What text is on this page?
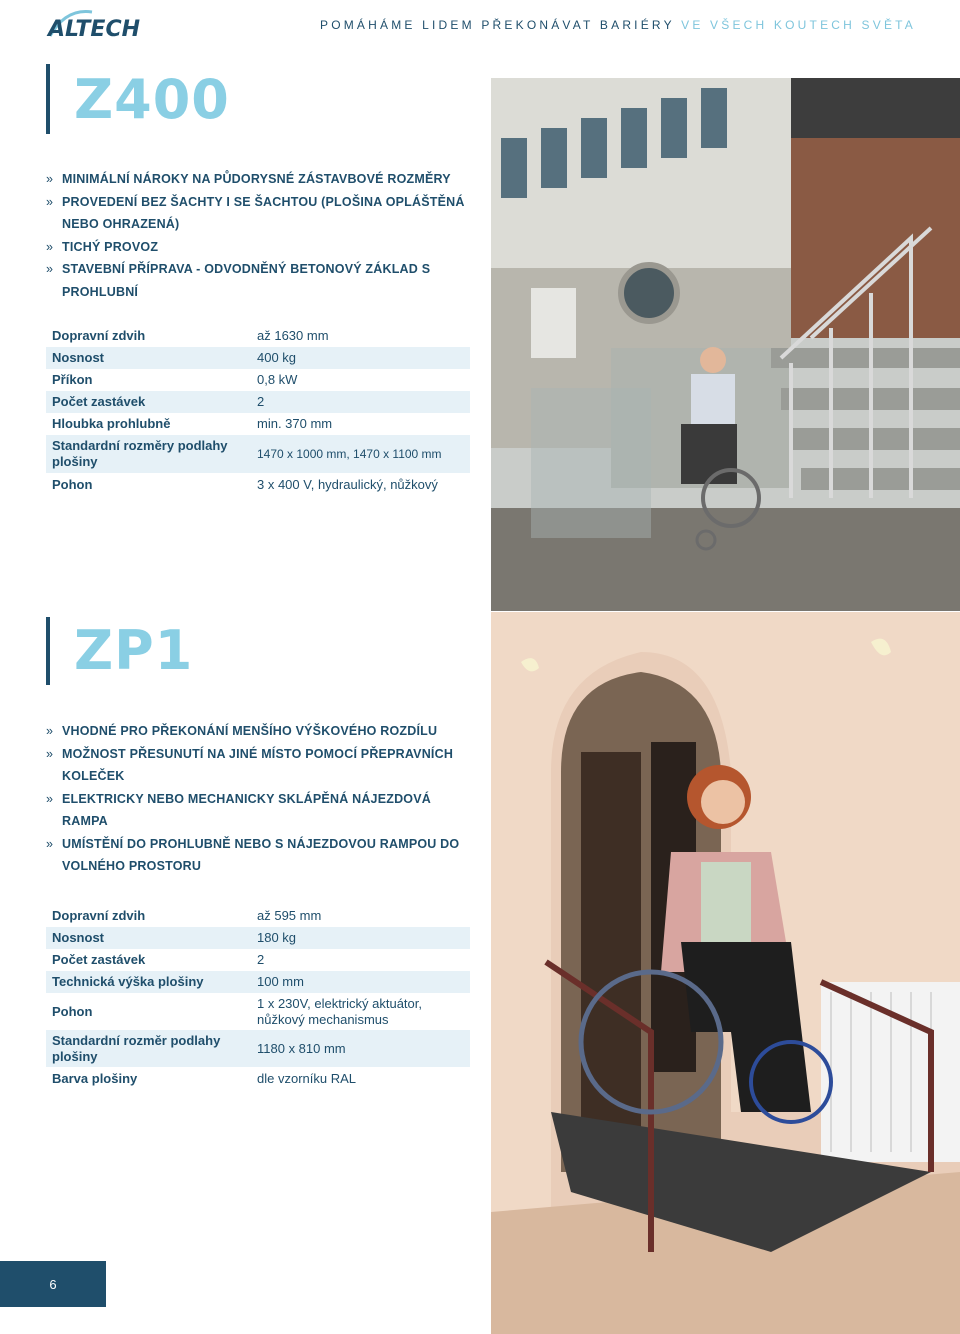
ALTECH	POMÁHÁME LIDEM PŘEKONÁVAT BARIÉRY VE VŠECH KOUTECH SVĚTA
Z400
» MINIMÁLNÍ NÁROKY NA PŮDORYSNÉ ZÁSTAVBOVÉ ROZMĚRY
» PROVEDENÍ BEZ ŠACHTY I SE ŠACHTOU (PLOŠINA OPLÁŠTĚNÁ NEBO OHRAZENÁ)
» TICHÝ PROVOZ
» STAVEBNÍ PŘÍPRAVA - ODVODNĚNÝ BETONOVÝ ZÁKLAD S PROHLUBNÍ
Dopravní zdvih	až 1630 mm
Nosnost	400 kg
Příkon	0,8 kW
Počet zastávek	2
Hloubka prohlubně	min. 370 mm
Standardní rozměry podlahy plošiny	1470 x 1000 mm, 1470 x 1100 mm
Pohon	3 x 400 V, hydraulický, nůžkový
ZP1
» VHODNÉ PRO PŘEKONÁNÍ MENŠÍHO VÝŠKOVÉHO ROZDÍLU
» MOŽNOST PŘESUNUTÍ NA JINÉ MÍSTO POMOCÍ PŘEPRAVNÍCH KOLEČEK
» ELEKTRICKY NEBO MECHANICKY SKLÁPĚNÁ NÁJEZDOVÁ RAMPA
» UMÍSTĚNÍ DO PROHLUBNĚ NEBO S NÁJEZDOVOU RAMPOU DO VOLNÉHO PROSTORU
Dopravní zdvih	až 595 mm
Nosnost	180 kg
Počet zastávek	2
Technická výška plošiny	100 mm
Pohon	1 x 230V, elektrický aktuátor, nůžkový mechanismus
Standardní rozměr podlahy plošiny	1180 x 810 mm
Barva plošiny	dle vzorníku RAL
6
